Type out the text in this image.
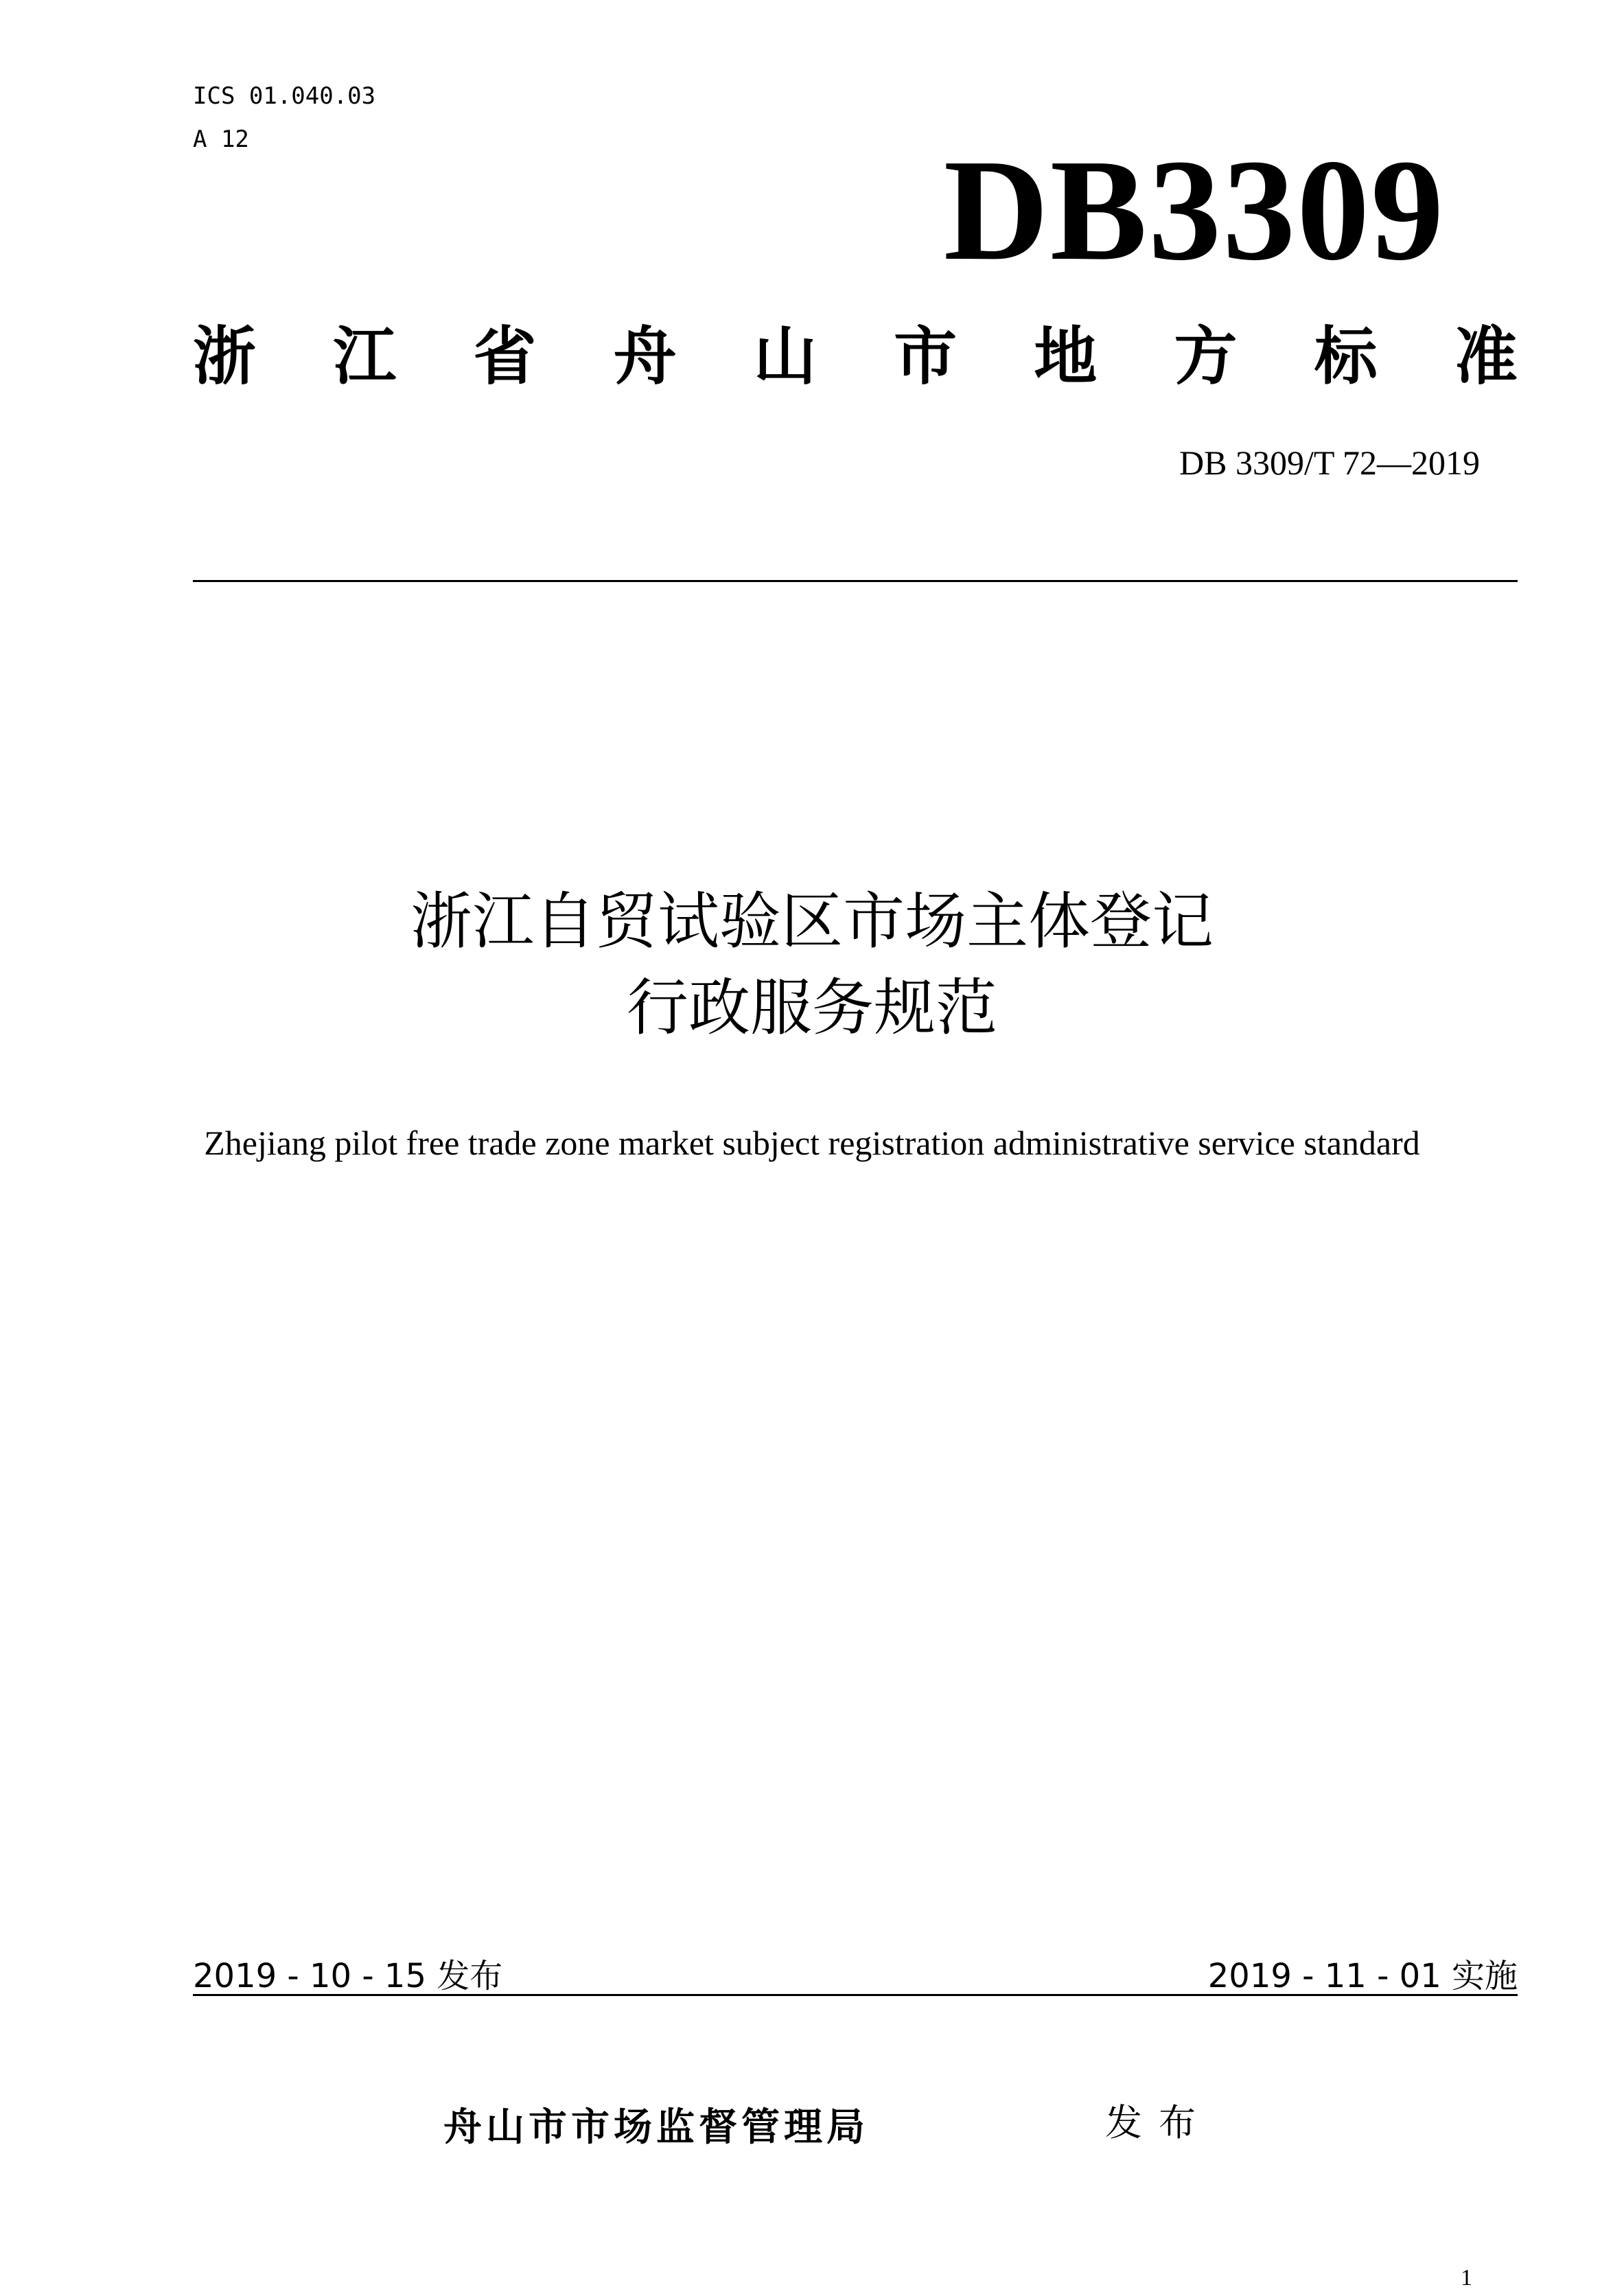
ICS 01.040.03
A 12	DB3309
浙 江 省 舟 山 市 地 方 标 准
DB 3309/T 72—2019
浙江自贸试验区市场主体登记
行政服务规范
Zhejiang pilot free trade zone market subject registration administrative service standard
2019 - 10 - 15 发布	2019 - 11 - 01 实施
舟山市市场监督管理局	发布
1
